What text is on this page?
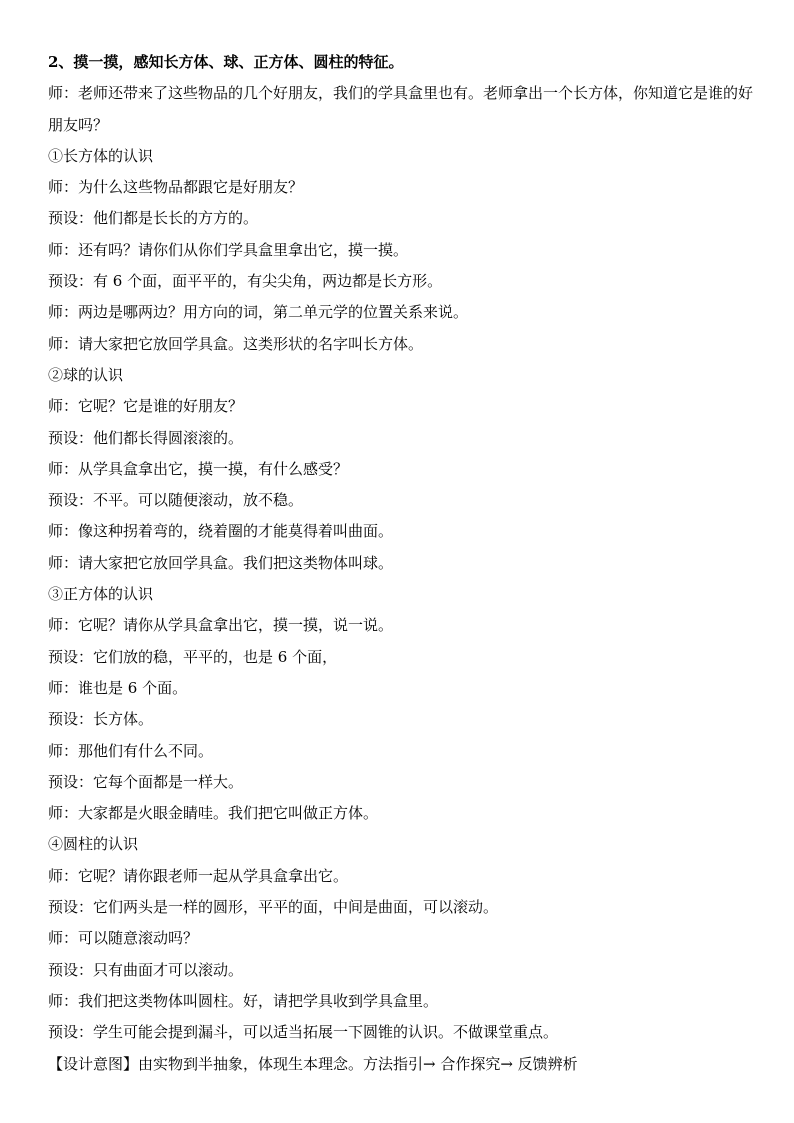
2、摸一摸，感知长方体、球、正方体、圆柱的特征。
师：老师还带来了这些物品的几个好朋友，我们的学具盒里也有。老师拿出一个长方体，你知道它是谁的好朋友吗？
①长方体的认识
师：为什么这些物品都跟它是好朋友？
预设：他们都是长长的方方的。
师：还有吗？请你们从你们学具盒里拿出它，摸一摸。
预设：有 6 个面，面平平的，有尖尖角，两边都是长方形。
师：两边是哪两边？用方向的词，第二单元学的位置关系来说。
师：请大家把它放回学具盒。这类形状的名字叫长方体。
②球的认识
师：它呢？它是谁的好朋友？
预设：他们都长得圆滚滚的。
师：从学具盒拿出它，摸一摸，有什么感受？
预设：不平。可以随便滚动，放不稳。
师：像这种拐着弯的，绕着圈的才能莫得着叫曲面。
师：请大家把它放回学具盒。我们把这类物体叫球。
③正方体的认识
师：它呢？请你从学具盒拿出它，摸一摸，说一说。
预设：它们放的稳，平平的，也是 6 个面，
师：谁也是 6 个面。
预设：长方体。
师：那他们有什么不同。
预设：它每个面都是一样大。
师：大家都是火眼金睛哇。我们把它叫做正方体。
④圆柱的认识
师：它呢？请你跟老师一起从学具盒拿出它。
预设：它们两头是一样的圆形，平平的面，中间是曲面，可以滚动。
师：可以随意滚动吗？
预设：只有曲面才可以滚动。
师：我们把这类物体叫圆柱。好，请把学具收到学具盒里。
预设：学生可能会提到漏斗，可以适当拓展一下圆锥的认识。不做课堂重点。
【设计意图】由实物到半抽象，体现生本理念。方法指引→ 合作探究→ 反馈辨析
